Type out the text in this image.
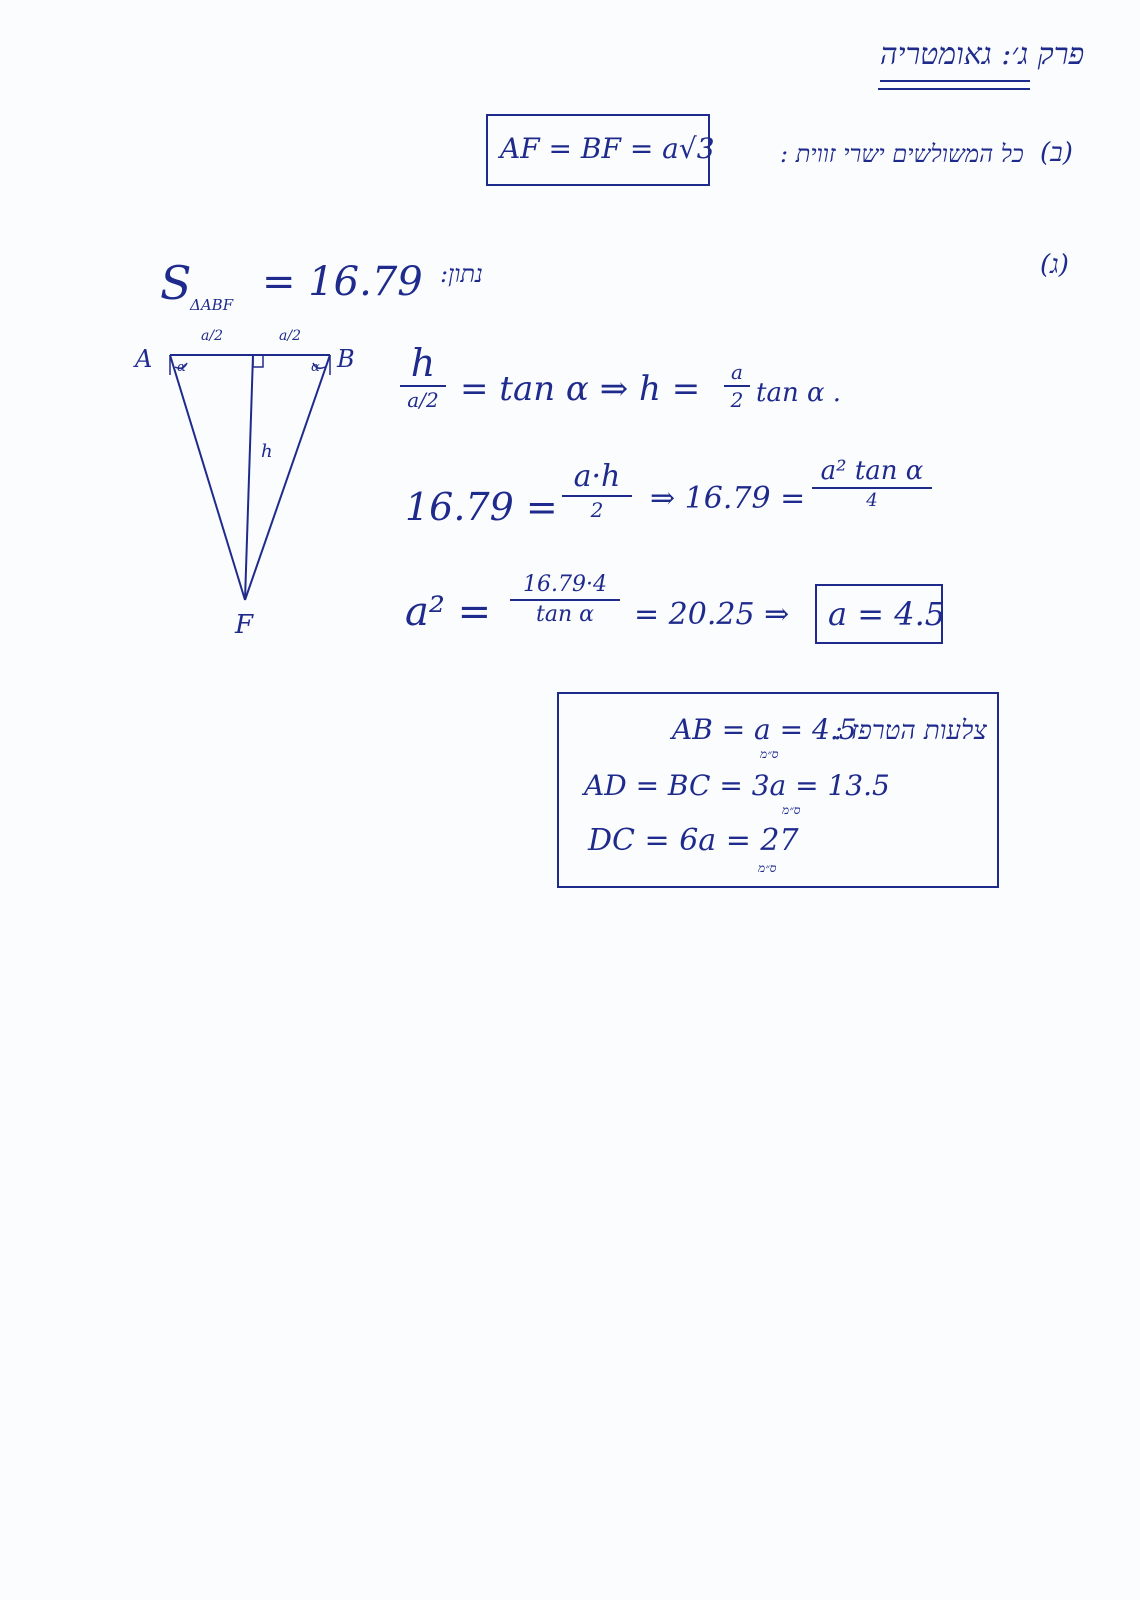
פרק ג׳: גאומטריה
AF = BF = a√3	כל המשולשים ישרי זווית : (ב)
(ג)
S
ΔABF = 16.79 נתון:
A	B
F
a/2	a/2
h
α	α h
a/2 = tan α ⇒ h =	a
2 tan α .
16.79 =
a·h
2	⇒ 16.79 =
a² tan α
4
a² =
16.79·4
tan α	= 20.25 ⇒ a = 4.5
צלעות הטרפז :
AB = a = 4.5
ס״מ
AD = BC = 3a = 13.5
ס״מ
DC = 6a = 27
ס״מ
